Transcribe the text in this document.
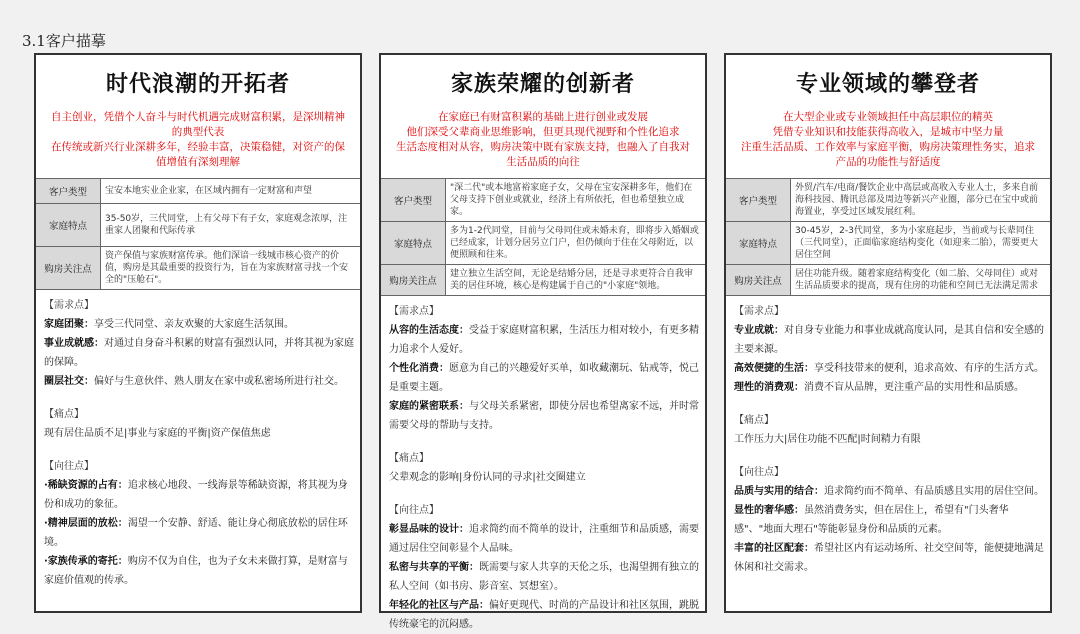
3.1客户描摹
时代浪潮的开拓者
自主创业，凭借个人奋斗与时代机遇完成财富积累，是深圳精神的典型代表
在传统或新兴行业深耕多年，经验丰富，决策稳健，对资产的保值增值有深刻理解
客户类型	宝安本地实业企业家，在区域内拥有一定财富和声望
家庭特点	35-50岁，三代同堂，上有父母下有子女，家庭观念浓厚，注重家人团聚和代际传承
购房关注点	资产保值与家族财富传承。他们深谙一线城市核心资产的价值，购房是其最重要的投资行为，旨在为家族财富寻找一个安全的"压舱石"。
【需求点】
家庭团聚：享受三代同堂、亲友欢聚的大家庭生活氛围。
事业成就感：对通过自身奋斗积累的财富有强烈认同，并将其视为家庭的保障。
圈层社交：偏好与生意伙伴、熟人朋友在家中或私密场所进行社交。
【痛点】
现有居住品质不足|事业与家庭的平衡|资产保值焦虑
【向往点】
·稀缺资源的占有：追求核心地段、一线海景等稀缺资源，将其视为身份和成功的象征。
·精神层面的放松：渴望一个安静、舒适、能让身心彻底放松的居住环境。
·家族传承的寄托：购房不仅为自住，也为子女未来做打算，是财富与家庭价值观的传承。
家族荣耀的创新者
在家庭已有财富积累的基础上进行创业或发展
他们深受父辈商业思维影响，但更具现代视野和个性化追求
生活态度相对从容，购房决策中既有家族支持，也融入了自我对生活品质的向往
客户类型	"深二代"或本地富裕家庭子女，父母在宝安深耕多年，他们在父母支持下创业或就业，经济上有所依托，但也希望独立成家。
家庭特点	多为1-2代同堂，目前与父母同住或未婚未育，即将步入婚姻或已经成家，计划分居另立门户，但仍倾向于住在父母附近，以便照顾和往来。
购房关注点	建立独立生活空间，无论是结婚分居，还是寻求更符合自我审美的居住环境，核心是构建属于自己的"小家庭"领地。
【需求点】
从容的生活态度：受益于家庭财富积累，生活压力相对较小，有更多精力追求个人爱好。
个性化消费：愿意为自己的兴趣爱好买单，如收藏潮玩、钻戒等，悦己是重要主题。
家庭的紧密联系：与父母关系紧密，即使分居也希望离家不远，并时常需要父母的帮助与支持。
【痛点】
父辈观念的影响|身份认同的寻求|社交圈建立
【向往点】
彰显品味的设计：追求简约而不简单的设计，注重细节和品质感，需要通过居住空间彰显个人品味。
私密与共享的平衡：既需要与家人共享的天伦之乐，也渴望拥有独立的私人空间（如书房、影音室、冥想室）。
年轻化的社区与产品：偏好更现代、时尚的产品设计和社区氛围，跳脱传统豪宅的沉闷感。
专业领域的攀登者
在大型企业或专业领域担任中高层职位的精英
凭借专业知识和技能获得高收入，是城市中坚力量
注重生活品质、工作效率与家庭平衡，购房决策理性务实，追求产品的功能性与舒适度
客户类型	外贸/汽车/电商/餐饮企业中高层或高收入专业人士，多来自前海科技园、腾讯总部及周边等新兴产业圈，部分已在宝中或前海置业，享受过区域发展红利。
家庭特点	30-45岁，2-3代同堂，多为小家庭起步，当前或与长辈同住（三代同堂），正面临家庭结构变化（如迎来二胎），需要更大居住空间
购房关注点	居住功能升级。随着家庭结构变化（如二胎、父母同住）或对生活品质要求的提高，现有住房的功能和空间已无法满足需求
【需求点】
专业成就：对自身专业能力和事业成就高度认同，是其自信和安全感的主要来源。
高效便捷的生活：享受科技带来的便利，追求高效、有序的生活方式。
理性的消费观：消费不盲从品牌，更注重产品的实用性和品质感。
【痛点】
工作压力大|居住功能不匹配|时间精力有限
【向往点】
品质与实用的结合：追求简约而不简单、有品质感且实用的居住空间。
显性的奢华感：虽然消费务实，但在居住上，希望有"门头奢华感"、"地面大理石"等能彰显身份和品质的元素。
丰富的社区配套：希望社区内有运动场所、社交空间等，能便捷地满足休闲和社交需求。
